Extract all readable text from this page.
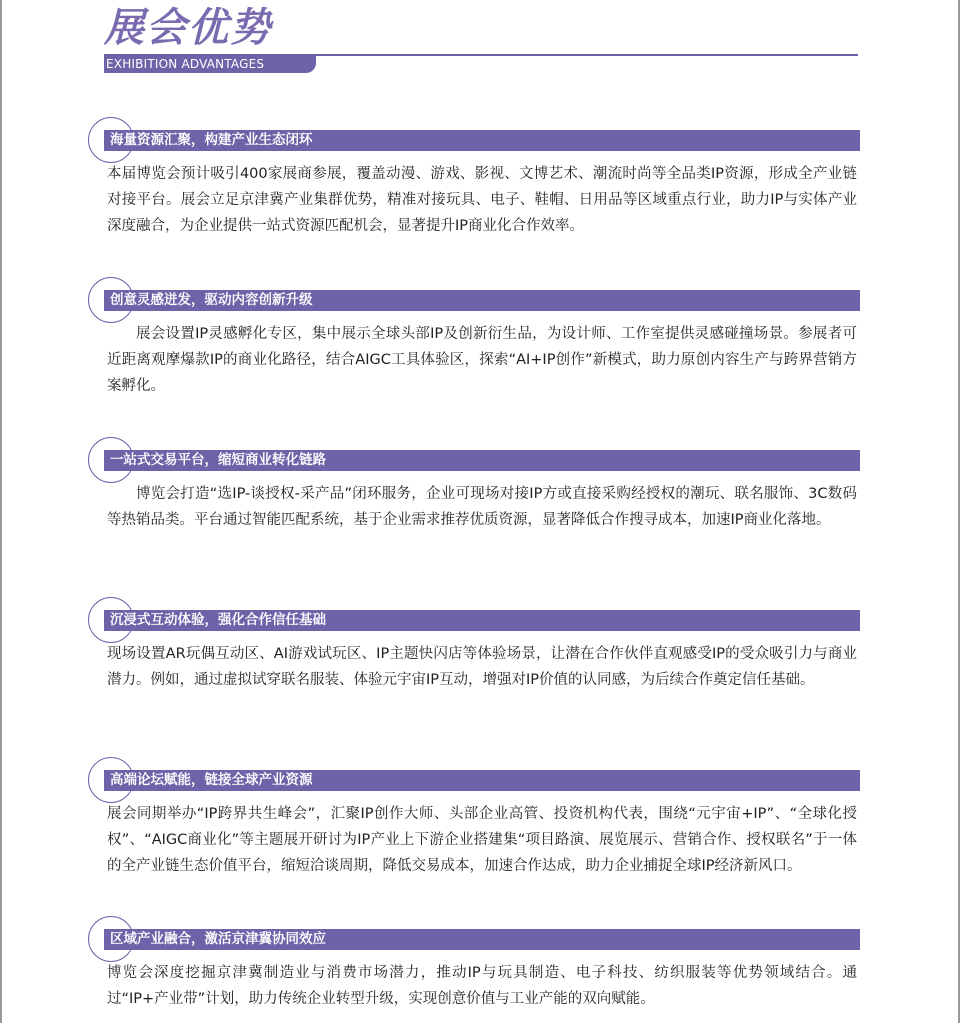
展会优势
EXHIBITION ADVANTAGES
海量资源汇聚，构建产业生态闭环

本届博览会预计吸引400家展商参展，覆盖动漫、游戏、影视、文博艺术、潮流时尚等全品类IP资源，形成全产业链对接平台。展会立足京津冀产业集群优势，精准对接玩具、电子、鞋帽、日用品等区域重点行业，助力IP与实体产业深度融合，为企业提供一站式资源匹配机会，显著提升IP商业化合作效率。

创意灵感迸发，驱动内容创新升级

展会设置IP灵感孵化专区，集中展示全球头部IP及创新衍生品，为设计师、工作室提供灵感碰撞场景。参展者可近距离观摩爆款IP的商业化路径，结合AIGC工具体验区，探索“AI+IP创作”新模式，助力原创内容生产与跨界营销方案孵化。

一站式交易平台，缩短商业转化链路

博览会打造“选IP-谈授权-采产品”闭环服务，企业可现场对接IP方或直接采购经授权的潮玩、联名服饰、3C数码等热销品类。平台通过智能匹配系统，基于企业需求推荐优质资源，显著降低合作搜寻成本，加速IP商业化落地。

沉浸式互动体验，强化合作信任基础

现场设置AR玩偶互动区、AI游戏试玩区、IP主题快闪店等体验场景，让潜在合作伙伴直观感受IP的受众吸引力与商业潜力。例如，通过虚拟试穿联名服装、体验元宇宙IP互动，增强对IP价值的认同感，为后续合作奠定信任基础。

高端论坛赋能，链接全球产业资源

展会同期举办“IP跨界共生峰会”，汇聚IP创作大师、头部企业高管、投资机构代表，围绕“元宇宙+IP”、“全球化授权”、“AIGC商业化”等主题展开研讨为IP产业上下游企业搭建集“项目路演、展览展示、营销合作、授权联名”于一体的全产业链生态价值平台，缩短洽谈周期，降低交易成本，加速合作达成，助力企业捕捉全球IP经济新风口。

区域产业融合，激活京津冀协同效应

博览会深度挖掘京津冀制造业与消费市场潜力，推动IP与玩具制造、电子科技、纺织服装等优势领域结合。通过“IP+产业带”计划，助力传统企业转型升级，实现创意价值与工业产能的双向赋能。
